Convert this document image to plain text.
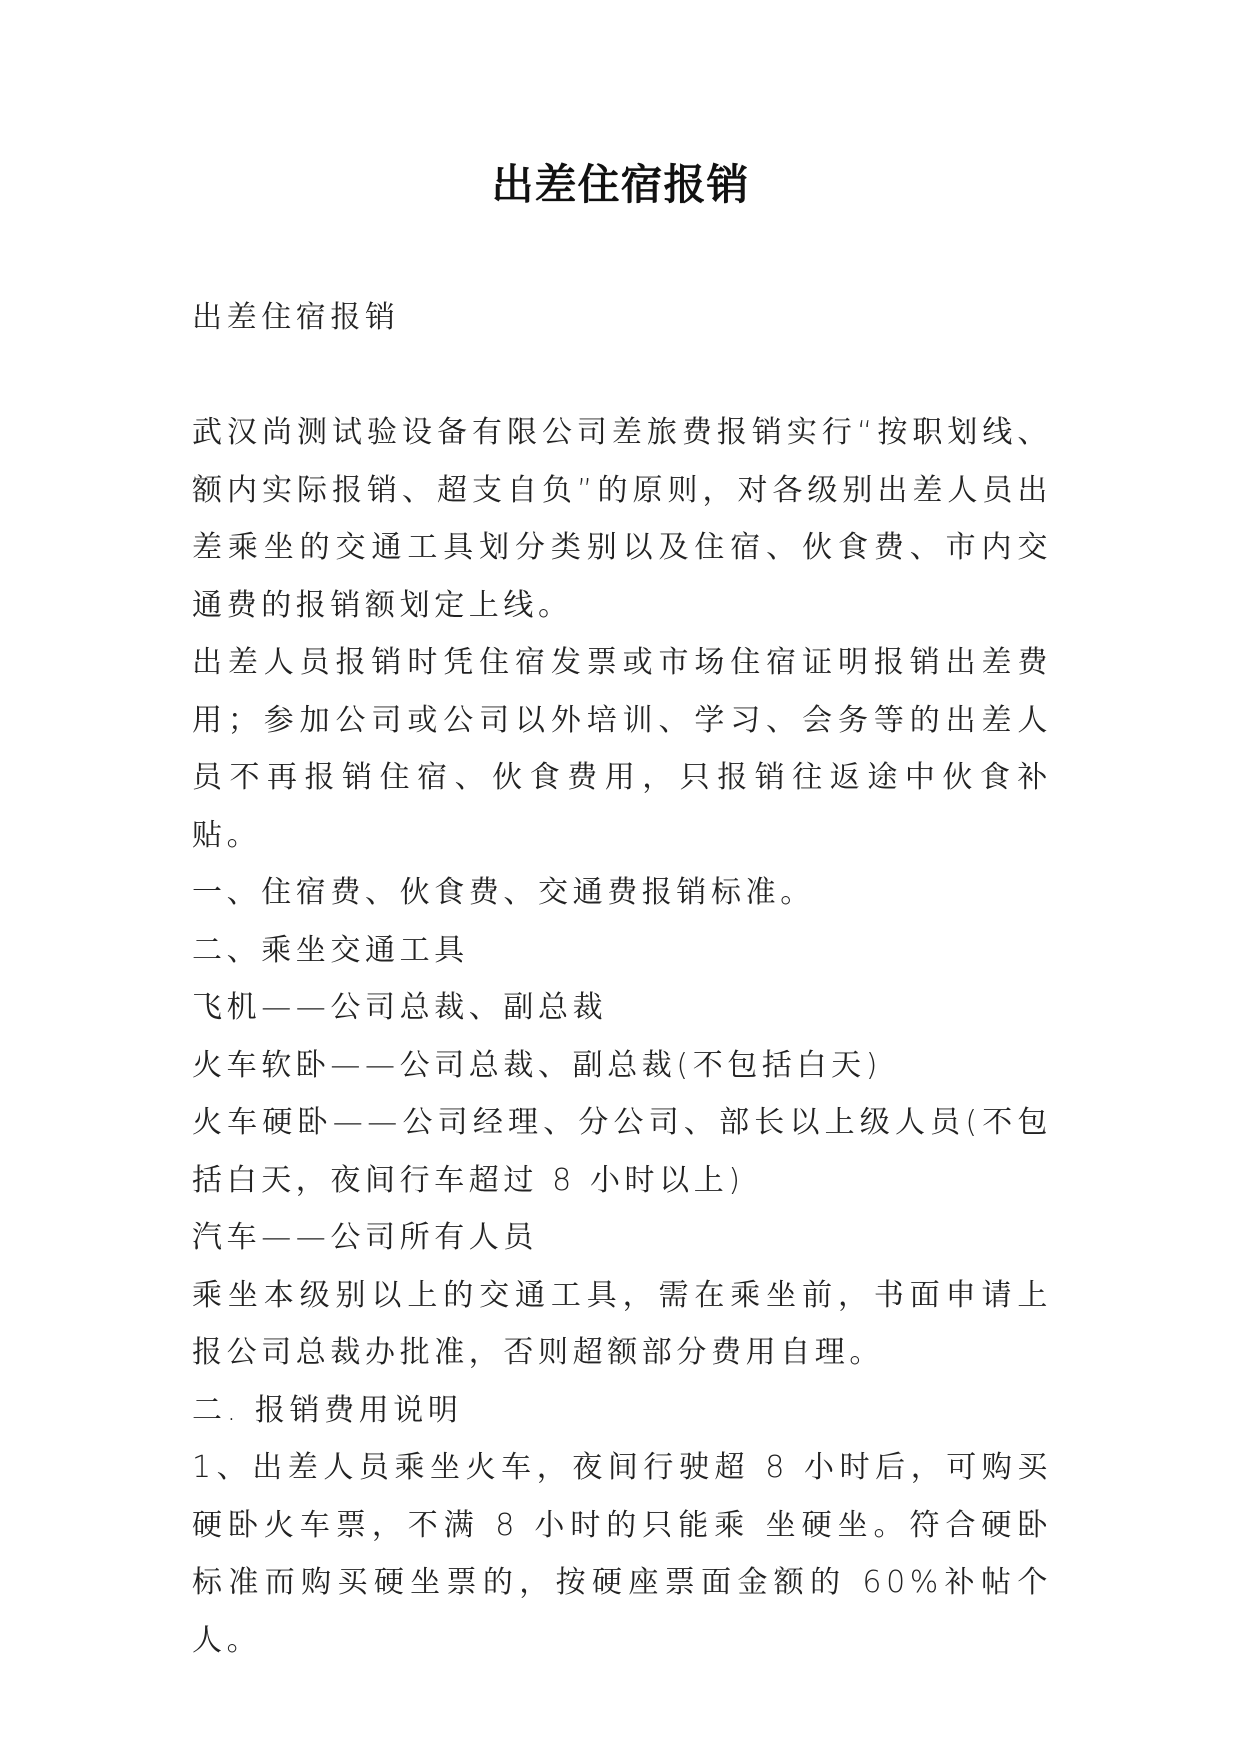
出差住宿报销
出差住宿报销

武汉尚测试验设备有限公司差旅费报销实行“按职划线、额内实际报销、超支自负”的原则，对各级别出差人员出差乘坐的交通工具划分类别以及住宿、伙食费、市内交通费的报销额划定上线。

出差人员报销时凭住宿发票或市场住宿证明报销出差费用；参加公司或公司以外培训、学习、会务等的出差人员不再报销住宿、伙食费用，只报销往返途中伙食补贴。

一、住宿费、伙食费、交通费报销标准。

二、乘坐交通工具

飞机——公司总裁、副总裁

火车软卧——公司总裁、副总裁(不包括白天)

火车硬卧——公司经理、分公司、部长以上级人员(不包括白天，夜间行车超过 8 小时以上)

汽车——公司所有人员

乘坐本级别以上的交通工具，需在乘坐前，书面申请上报公司总裁办批准，否则超额部分费用自理。

二. 报销费用说明

1、出差人员乘坐火车，夜间行驶超 8 小时后，可购买硬卧火车票，不满 8 小时的只能乘 坐硬坐。符合硬卧标准而购买硬坐票的，按硬座票面金额的 60%补帖个人。
